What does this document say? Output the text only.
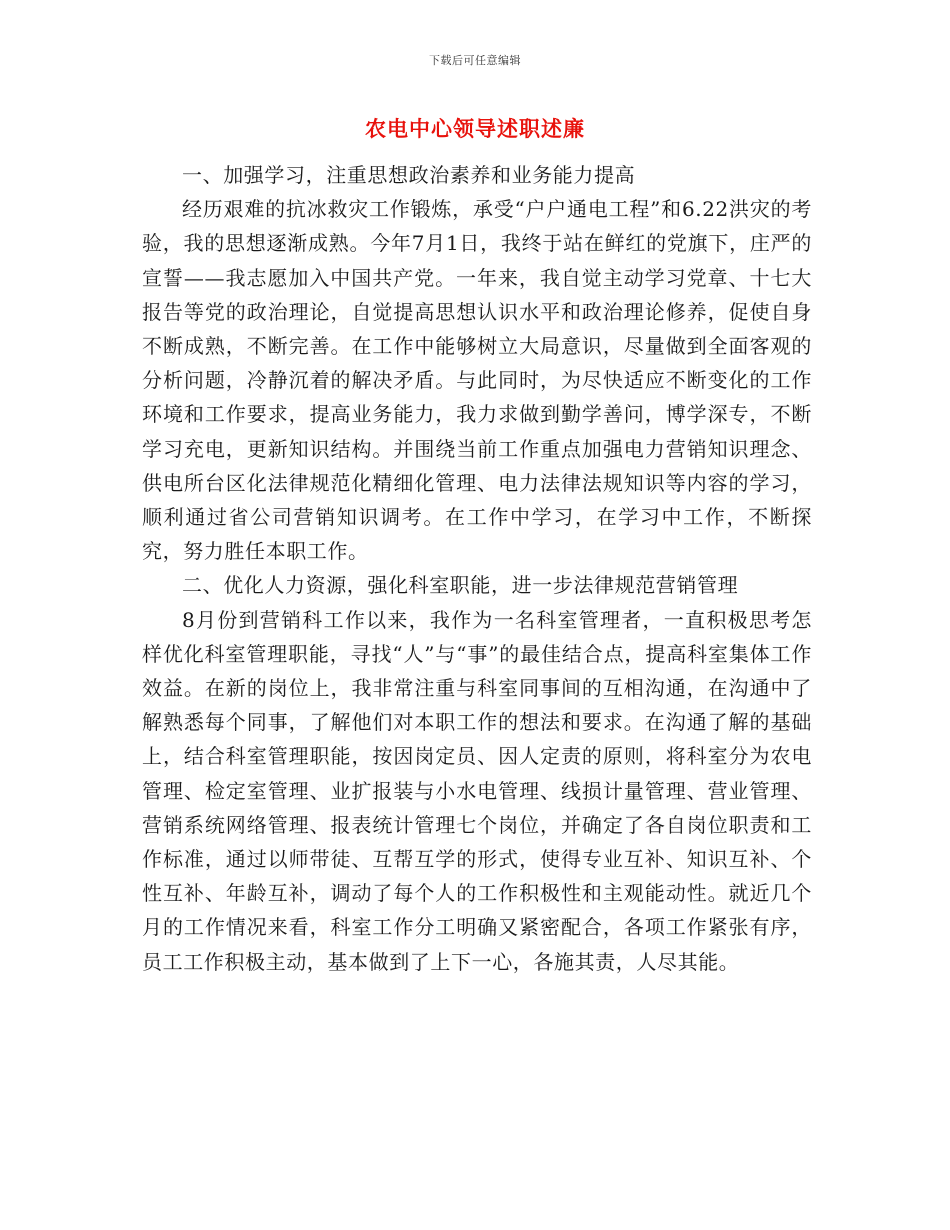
下载后可任意编辑
农电中心领导述职述廉

一、加强学习，注重思想政治素养和业务能力提高

经历艰难的抗冰救灾工作锻炼，承受“户户通电工程”和6.22洪灾的考验，我的思想逐渐成熟。今年7月1日，我终于站在鲜红的党旗下，庄严的宣誓——我志愿加入中国共产党。一年来，我自觉主动学习党章、十七大报告等党的政治理论，自觉提高思想认识水平和政治理论修养，促使自身不断成熟，不断完善。在工作中能够树立大局意识，尽量做到全面客观的分析问题，冷静沉着的解决矛盾。与此同时，为尽快适应不断变化的工作环境和工作要求，提高业务能力，我力求做到勤学善问，博学深专，不断学习充电，更新知识结构。并围绕当前工作重点加强电力营销知识理念、供电所台区化法律规范化精细化管理、电力法律法规知识等内容的学习，顺利通过省公司营销知识调考。在工作中学习，在学习中工作，不断探究，努力胜任本职工作。

二、优化人力资源，强化科室职能，进一步法律规范营销管理

8月份到营销科工作以来，我作为一名科室管理者，一直积极思考怎样优化科室管理职能，寻找“人”与“事”的最佳结合点，提高科室集体工作效益。在新的岗位上，我非常注重与科室同事间的互相沟通，在沟通中了解熟悉每个同事，了解他们对本职工作的想法和要求。在沟通了解的基础上，结合科室管理职能，按因岗定员、因人定责的原则，将科室分为农电管理、检定室管理、业扩报装与小水电管理、线损计量管理、营业管理、营销系统网络管理、报表统计管理七个岗位，并确定了各自岗位职责和工作标准，通过以师带徒、互帮互学的形式，使得专业互补、知识互补、个性互补、年龄互补，调动了每个人的工作积极性和主观能动性。就近几个月的工作情况来看，科室工作分工明确又紧密配合，各项工作紧张有序，员工工作积极主动，基本做到了上下一心，各施其责，人尽其能。
